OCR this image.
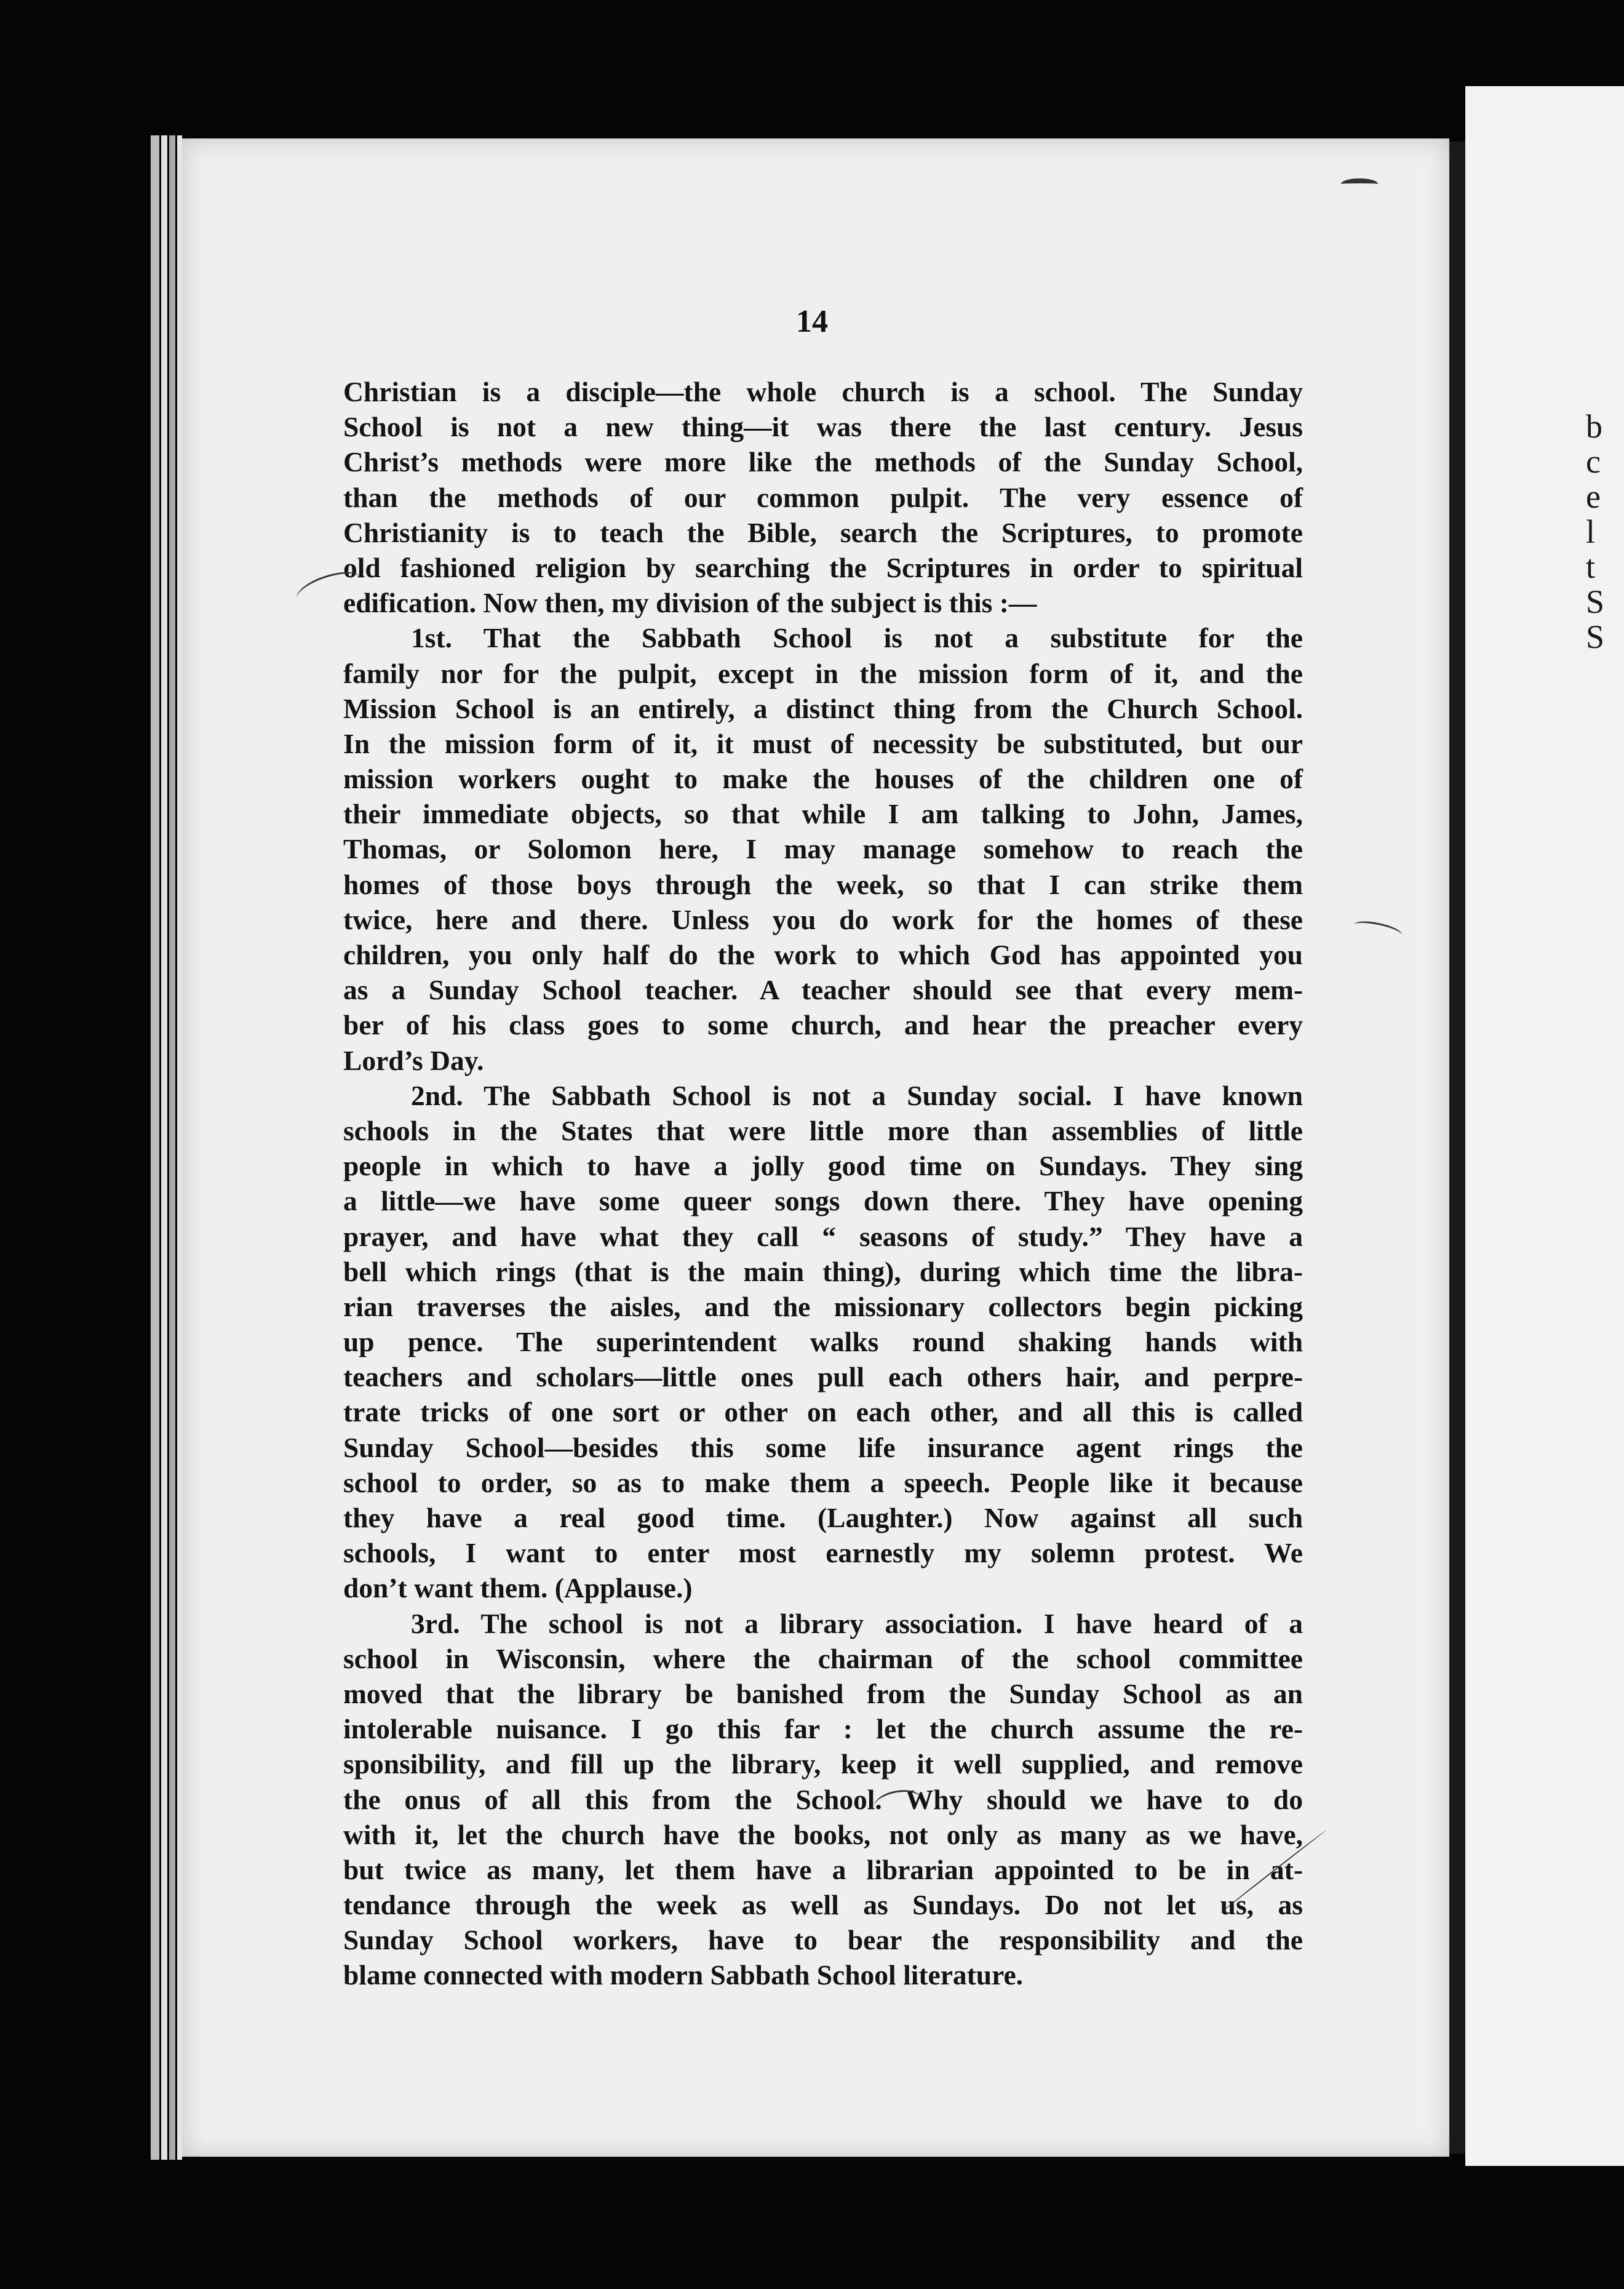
b
c
e
l
t
S
S
14
Christian is a disciple—the whole church is a school. The Sunday
School is not a new thing—it was there the last century. Jesus
Christ’s methods were more like the methods of the Sunday School,
than the methods of our common pulpit. The very essence of
Christianity is to teach the Bible, search the Scriptures, to promote
old fashioned religion by searching the Scriptures in order to spiritual
edification. Now then, my division of the subject is this :—
1st. That the Sabbath School is not a substitute for the
family nor for the pulpit, except in the mission form of it, and the
Mission School is an entirely, a distinct thing from the Church School.
In the mission form of it, it must of necessity be substituted, but our
mission workers ought to make the houses of the children one of
their immediate objects, so that while I am talking to John, James,
Thomas, or Solomon here, I may manage somehow to reach the
homes of those boys through the week, so that I can strike them
twice, here and there. Unless you do work for the homes of these
children, you only half do the work to which God has appointed you
as a Sunday School teacher. A teacher should see that every mem-
ber of his class goes to some church, and hear the preacher every
Lord’s Day.
2nd. The Sabbath School is not a Sunday social. I have known
schools in the States that were little more than assemblies of little
people in which to have a jolly good time on Sundays. They sing
a little—we have some queer songs down there. They have opening
prayer, and have what they call “ seasons of study.” They have a
bell which rings (that is the main thing), during which time the libra-
rian traverses the aisles, and the missionary collectors begin picking
up pence. The superintendent walks round shaking hands with
teachers and scholars—little ones pull each others hair, and perpre-
trate tricks of one sort or other on each other, and all this is called
Sunday School—besides this some life insurance agent rings the
school to order, so as to make them a speech. People like it because
they have a real good time. (Laughter.) Now against all such
schools, I want to enter most earnestly my solemn protest. We
don’t want them. (Applause.)
3rd. The school is not a library association. I have heard of a
school in Wisconsin, where the chairman of the school committee
moved that the library be banished from the Sunday School as an
intolerable nuisance. I go this far : let the church assume the re-
sponsibility, and fill up the library, keep it well supplied, and remove
the onus of all this from the School. Why should we have to do
with it, let the church have the books, not only as many as we have,
but twice as many, let them have a librarian appointed to be in at-
tendance through the week as well as Sundays. Do not let us, as
Sunday School workers, have to bear the responsibility and the
blame connected with modern Sabbath School literature.
